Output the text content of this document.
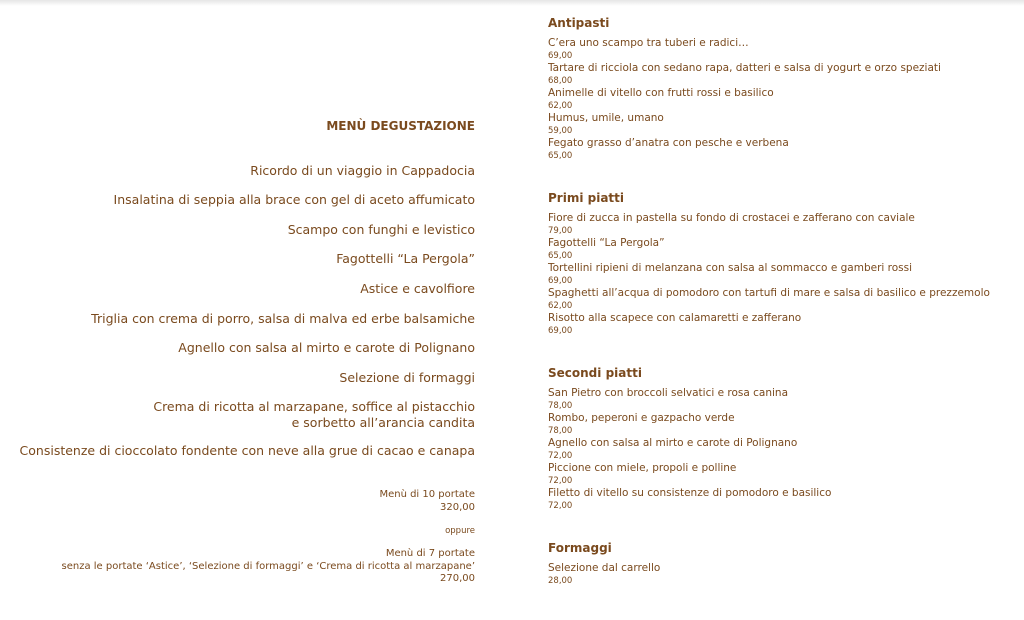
MENÙ DEGUSTAZIONE
Ricordo di un viaggio in Cappadocia
Insalatina di seppia alla brace con gel di aceto affumicato
Scampo con funghi e levistico
Fagottelli “La Pergola”
Astice e cavolfiore
Triglia con crema di porro, salsa di malva ed erbe balsamiche
Agnello con salsa al mirto e carote di Polignano
Selezione di formaggi
Crema di ricotta al marzapane, soffice al pistacchio
e sorbetto all’arancia candita
Consistenze di cioccolato fondente con neve alla grue di cacao e canapa
Menù di 10 portate
320,00
oppure
Menù di 7 portate
senza le portate ‘Astice’, ‘Selezione di formaggi’ e ‘Crema di ricotta al marzapane’
270,00
Antipasti
C’era uno scampo tra tuberi e radici…
69,00
Tartare di ricciola con sedano rapa, datteri e salsa di yogurt e orzo speziati
68,00
Animelle di vitello con frutti rossi e basilico
62,00
Humus, umile, umano
59,00
Fegato grasso d’anatra con pesche e verbena
65,00
Primi piatti
Fiore di zucca in pastella su fondo di crostacei e zafferano con caviale
79,00
Fagottelli “La Pergola”
65,00
Tortellini ripieni di melanzana con salsa al sommacco e gamberi rossi
69,00
Spaghetti all’acqua di pomodoro con tartufi di mare e salsa di basilico e prezzemolo
62,00
Risotto alla scapece con calamaretti e zafferano
69,00
Secondi piatti
San Pietro con broccoli selvatici e rosa canina
78,00
Rombo, peperoni e gazpacho verde
78,00
Agnello con salsa al mirto e carote di Polignano
72,00
Piccione con miele, propoli e polline
72,00
Filetto di vitello su consistenze di pomodoro e basilico
72,00
Formaggi
Selezione dal carrello
28,00
